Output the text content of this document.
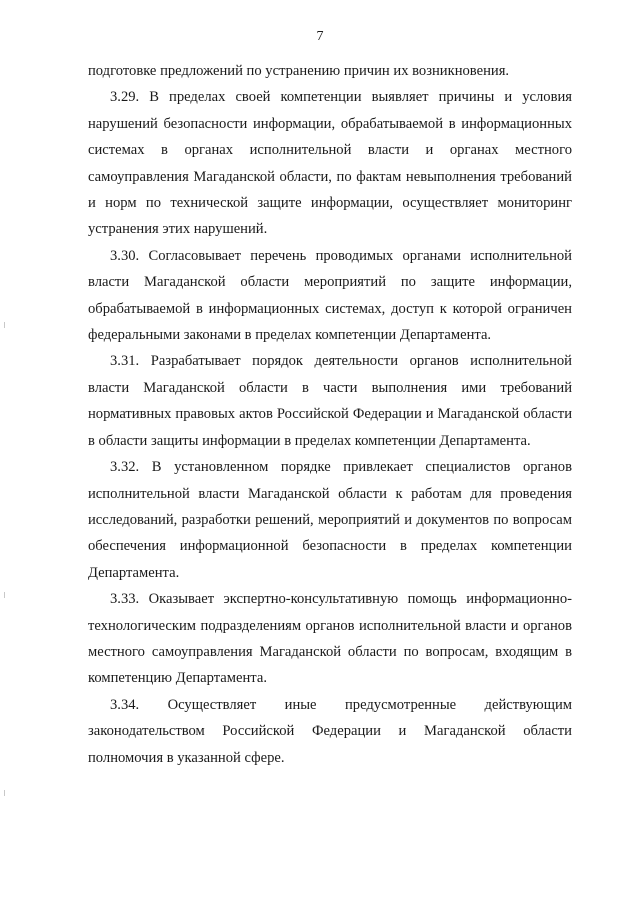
7

подготовке предложений по устранению причин их возникновения.

3.29. В пределах своей компетенции выявляет причины и условия нарушений безопасности информации, обрабатываемой в информационных системах в органах исполнительной власти и органах местного самоуправления Магаданской области, по фактам невыполнения требований и норм по технической защите информации, осуществляет мониторинг устранения этих нарушений.

3.30. Согласовывает перечень проводимых органами исполнительной власти Магаданской области мероприятий по защите информации, обрабатываемой в информационных системах, доступ к которой ограничен федеральными законами в пределах компетенции Департамента.

3.31. Разрабатывает порядок деятельности органов исполнительной власти Магаданской области в части выполнения ими требований нормативных правовых актов Российской Федерации и Магаданской области в области защиты информации в пределах компетенции Департамента.

3.32. В установленном порядке привлекает специалистов органов исполнительной власти Магаданской области к работам для проведения исследований, разработки решений, мероприятий и документов по вопросам обеспечения информационной безопасности в пределах компетенции Департамента.

3.33. Оказывает экспертно-консультативную помощь информационно-технологическим подразделениям органов исполнительной власти и органов местного самоуправления Магаданской области по вопросам, входящим в компетенцию Департамента.

3.34. Осуществляет иные предусмотренные действующим законодательством Российской Федерации и Магаданской области полномочия в указанной сфере.
